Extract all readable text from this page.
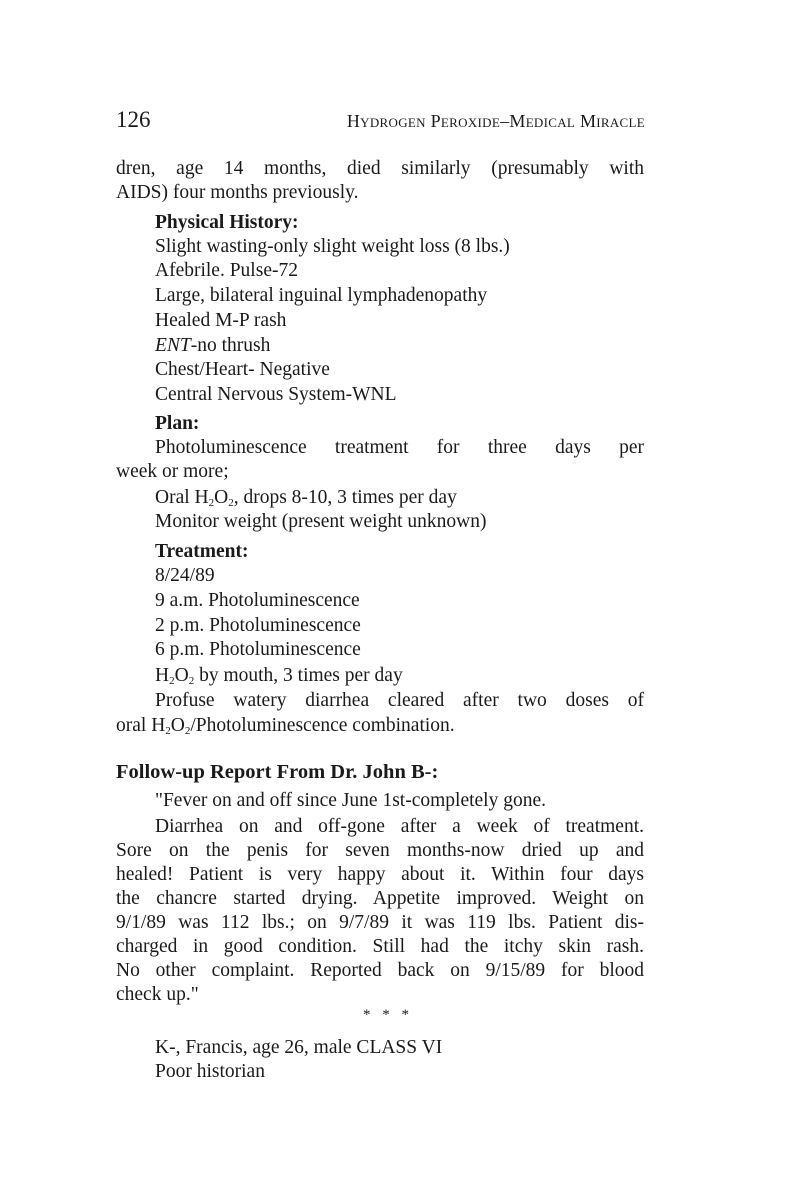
126	Hydrogen Peroxide–Medical Miracle
dren, age 14 months, died similarly (presumably with
AIDS) four months previously.
Physical History:
Slight wasting-only slight weight loss (8 lbs.)
Afebrile. Pulse-72
Large, bilateral inguinal lymphadenopathy
Healed M-P rash
ENT-no thrush
Chest/Heart- Negative
Central Nervous System-WNL
Plan:
Photoluminescence treatment for three days per
week or more;
Oral $H_2O_2$, drops 8-10, 3 times per day
Monitor weight (present weight unknown)
Treatment:
8/24/89
9 a.m. Photoluminescence
2 p.m. Photoluminescence
6 p.m. Photoluminescence
$H_2O_2$ by mouth, 3 times per day
Profuse watery diarrhea cleared after two doses of
oral $H_2O_2$/Photoluminescence combination.
Follow-up Report From Dr. John B-:
"Fever on and off since June 1st-completely gone.
Diarrhea on and off-gone after a week of treatment.
Sore on the penis for seven months-now dried up and
healed! Patient is very happy about it. Within four days
the chancre started drying. Appetite improved. Weight on
9/1/89 was 112 lbs.; on 9/7/89 it was 119 lbs. Patient dis-
charged in good condition. Still had the itchy skin rash.
No other complaint. Reported back on 9/15/89 for blood
check up."
* * *
K-, Francis, age 26, male CLASS VI
Poor historian
